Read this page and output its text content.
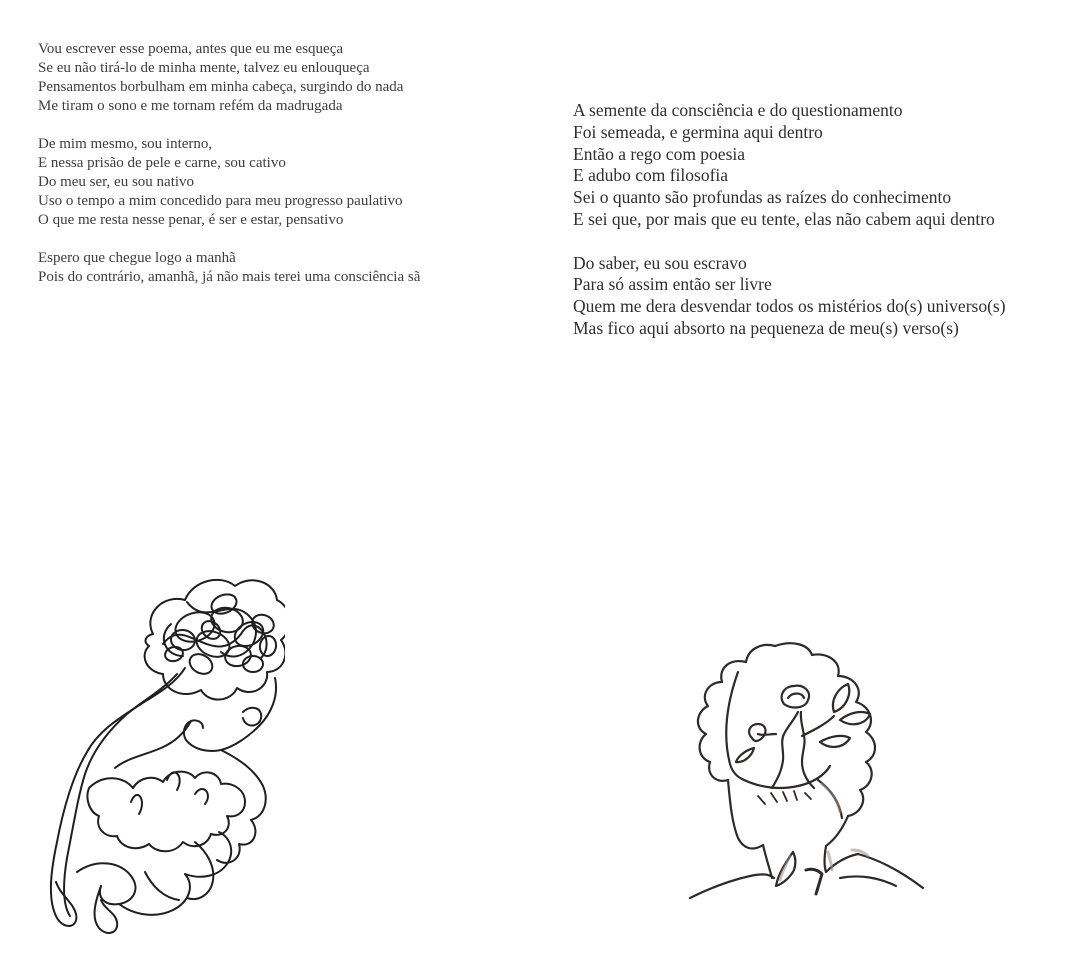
Vou escrever esse poema, antes que eu me esqueça
Se eu não tirá-lo de minha mente, talvez eu enlouqueça
Pensamentos borbulham em minha cabeça, surgindo do nada
Me tiram o sono e me tornam refém da madrugada
De mim mesmo, sou interno,
E nessa prisão de pele e carne, sou cativo
Do meu ser, eu sou nativo
Uso o tempo a mim concedido para meu progresso paulativo
O que me resta nesse penar, é ser e estar, pensativo
Espero que chegue logo a manhã
Pois do contrário, amanhã, já não mais terei uma consciência sã
A semente da consciência e do questionamento
Foi semeada, e germina aqui dentro
Então a rego com poesia
E adubo com filosofia
Sei o quanto são profundas as raízes do conhecimento
E sei que, por mais que eu tente, elas não cabem aqui dentro
Do saber, eu sou escravo
Para só assim então ser livre
Quem me dera desvendar todos os mistérios do(s) universo(s)
Mas fico aqui absorto na pequeneza de meu(s) verso(s)
